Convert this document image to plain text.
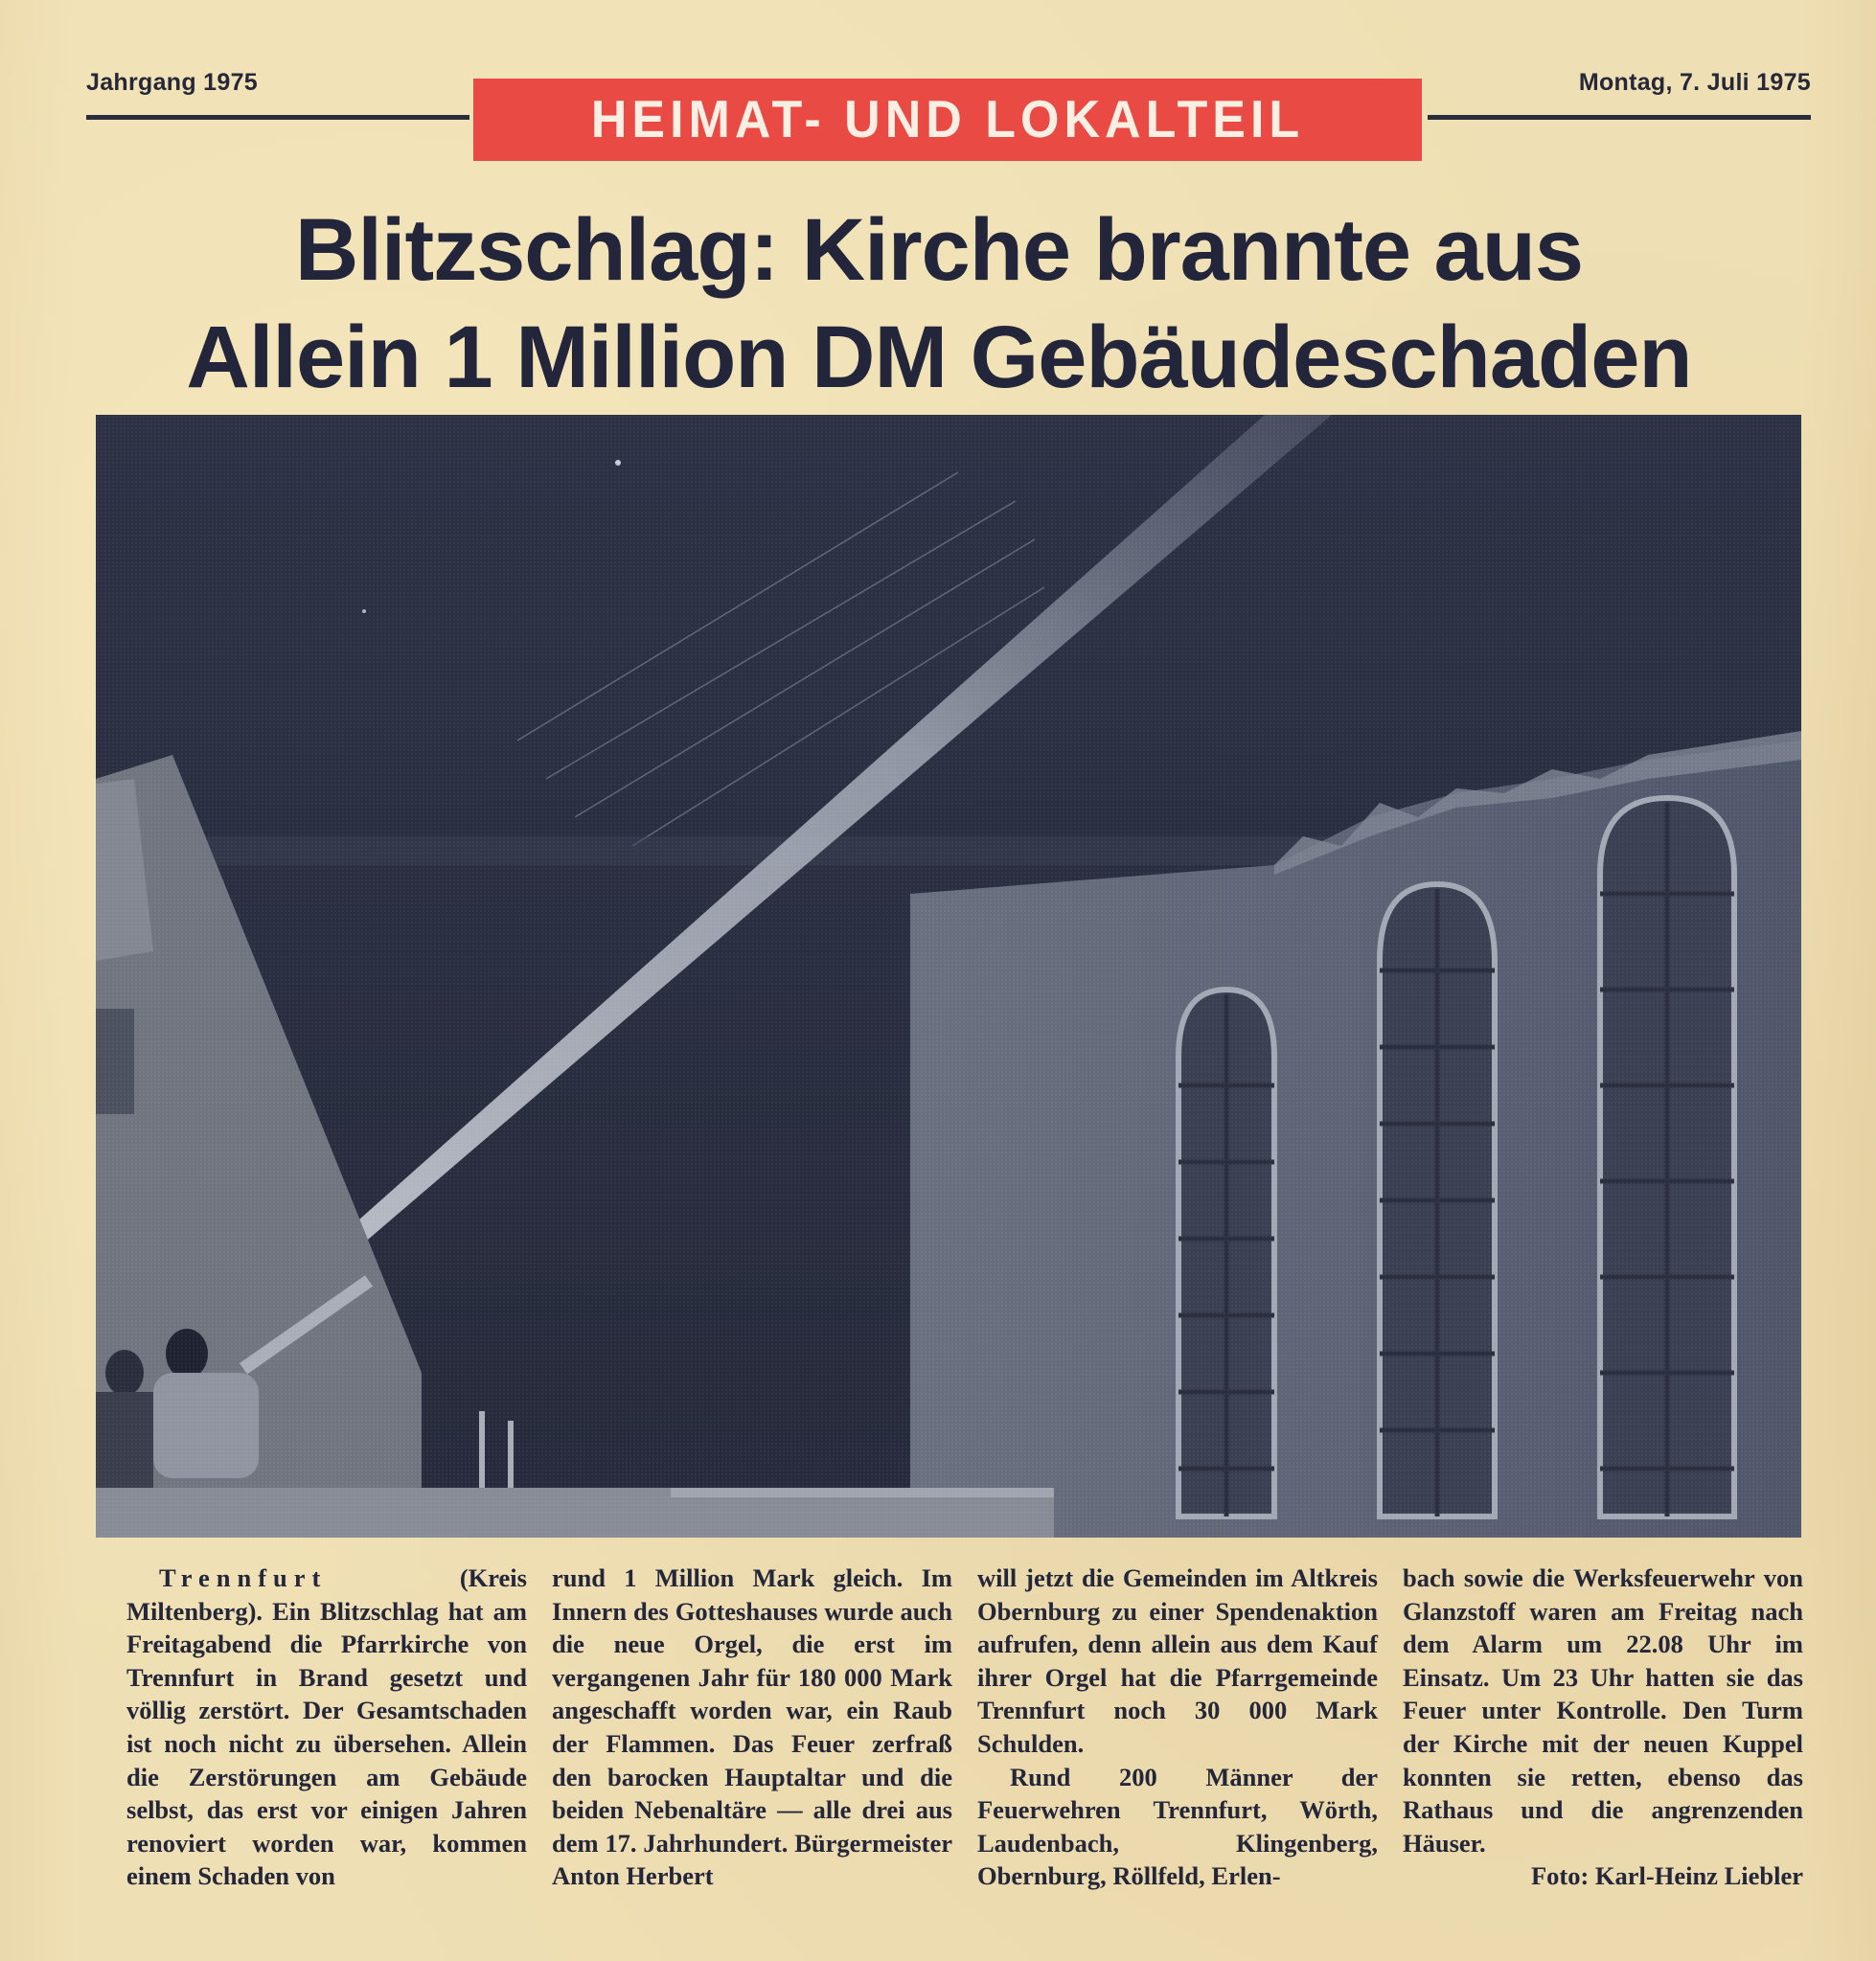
Jahrgang 1975
HEIMAT- UND LOKALTEIL
Montag, 7. Juli 1975
Blitzschlag: Kirche brannte aus
Allein 1 Million DM Gebäudeschaden

Trennfurt (Kreis Miltenberg). Ein Blitzschlag hat am Freitagabend die Pfarrkirche von Trennfurt in Brand gesetzt und völlig zerstört. Der Gesamtschaden ist noch nicht zu übersehen. Allein die Zerstörungen am Gebäude selbst, das erst vor einigen Jahren renoviert worden war, kommen einem Schaden von

rund 1 Million Mark gleich. Im Innern des Gotteshauses wurde auch die neue Orgel, die erst im vergangenen Jahr für 180 000 Mark angeschafft worden war, ein Raub der Flammen. Das Feuer zerfraß den barocken Hauptaltar und die beiden Nebenaltäre — alle drei aus dem 17. Jahrhundert. Bürgermeister Anton Herbert

will jetzt die Gemeinden im Altkreis Obernburg zu einer Spendenaktion aufrufen, denn allein aus dem Kauf ihrer Orgel hat die Pfarrgemeinde Trennfurt noch 30 000 Mark Schulden.

Rund 200 Männer der Feuerwehren Trennfurt, Wörth, Laudenbach, Klingenberg, Obernburg, Röllfeld, Erlen-

bach sowie die Werksfeuerwehr von Glanzstoff waren am Freitag nach dem Alarm um 22.08 Uhr im Einsatz. Um 23 Uhr hatten sie das Feuer unter Kontrolle. Den Turm der Kirche mit der neuen Kuppel konnten sie retten, ebenso das Rathaus und die angrenzenden Häuser.

Foto: Karl-Heinz Liebler
